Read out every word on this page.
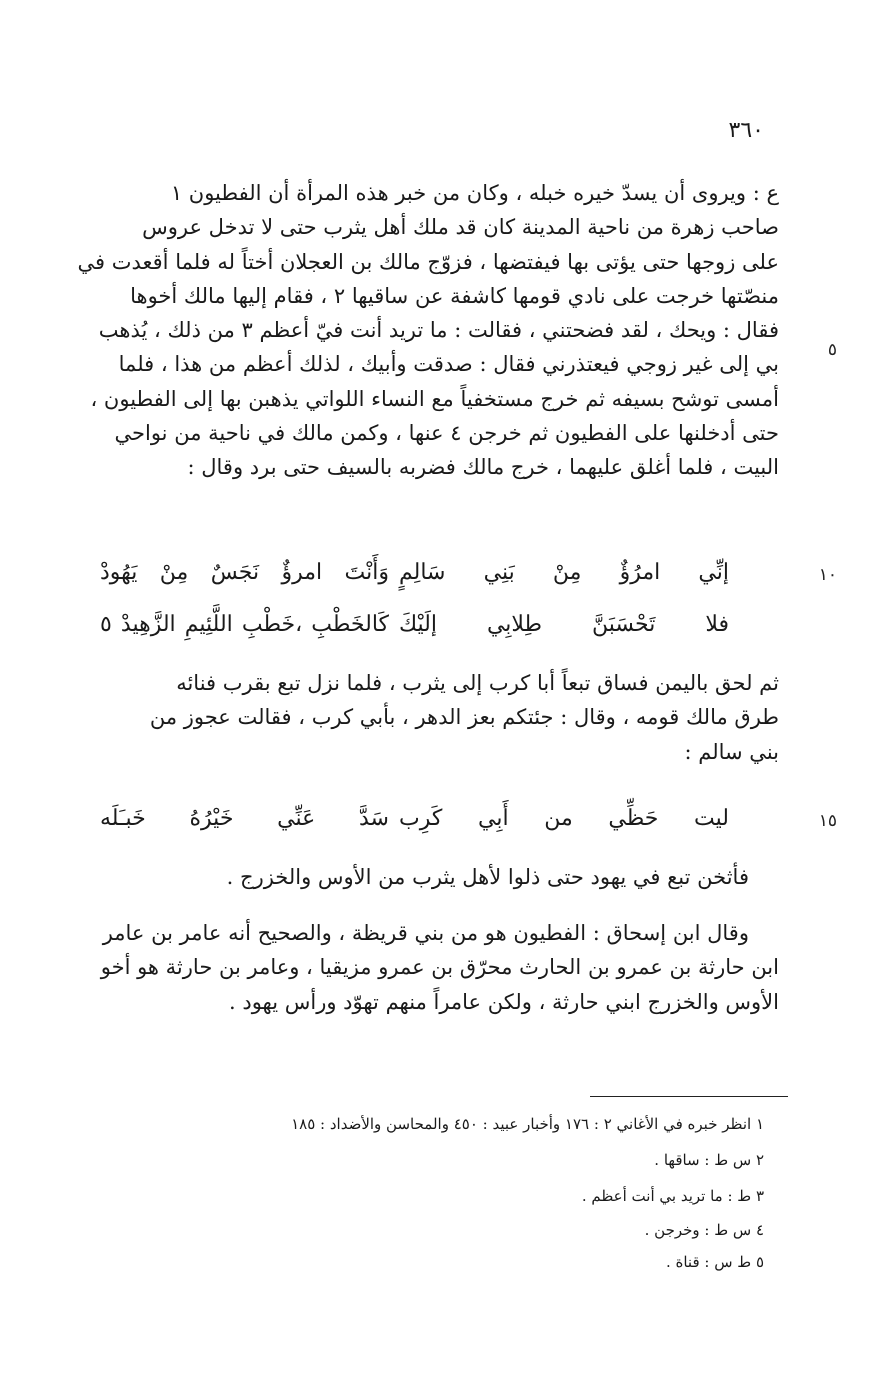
٣٦٠
ع : ويروى أن يسدّ خيره خبله ، وكان من خبر هذه المرأة أن الفطيون ١
صاحب زهرة من ناحية المدينة كان قد ملك أهل يثرب حتى لا تدخل عروس
على زوجها حتى يؤتى بها فيفتضها ، فزوّج مالك بن العجلان أختاً له فلما أقعدت في
منصّتها خرجت على نادي قومها كاشفة عن ساقيها ٢ ، فقام إليها مالك أخوها
فقال : ويحك ، لقد فضحتني ، فقالت : ما تريد أنت فيّ أعظم ٣ من ذلك ، يُذهب
بي إلى غير زوجي فيعتذرني فقال : صدقت وأبيك ، لذلك أعظم من هذا ، فلما
أمسى توشح بسيفه ثم خرج مستخفياً مع النساء اللواتي يذهبن بها إلى الفطيون ،
حتى أدخلنها على الفطيون ثم خرجن ٤ عنها ، وكمن مالك في ناحية من نواحي
البيت ، فلما أغلق عليهما ، خرج مالك فضربه بالسيف حتى برد وقال :
٥
إنِّي امرُؤٌ مِنْ بَنِي سَالِمٍ
وَأَنْتَ امرؤٌ نَجَسٌ مِنْ يَهُودْ	١٠
فلا تَحْسَبَنَّ طِلابِي إلَيْكَ
كَالخَطْبِ ،خَطْبِ اللَّئِيمِ الزَّهِيدْ ٥
ثم لحق باليمن فساق تبعاً أبا كرب إلى يثرب ، فلما نزل تبع بقرب فنائه
طرق مالك قومه ، وقال : جئتكم بعز الدهر ، بأبي كرب ، فقالت عجوز من
بني سالم :
ليت حَظِّي من أَبِي كَرِب
سَدَّ عَنِّي خَيْرُهُ خَبـَلَه	١٥
فأثخن تبع في يهود حتى ذلوا لأهل يثرب من الأوس والخزرج .
وقال ابن إسحاق : الفطيون هو من بني قريظة ، والصحيح أنه عامر بن عامر
ابن حارثة بن عمرو بن الحارث محرّق بن عمرو مزيقيا ، وعامر بن حارثة هو أخو
الأوس والخزرج ابني حارثة ، ولكن عامراً منهم تهوّد ورأس يهود .
١ انظر خبره في الأغاني ٢ : ١٧٦ وأخبار عبيد : ٤٥٠ والمحاسن والأضداد : ١٨٥
٢ س ط : ساقها .
٣ ط : ما تريد بي أنت أعظم .
٤ س ط : وخرجن .
٥ ط س : قناة .
